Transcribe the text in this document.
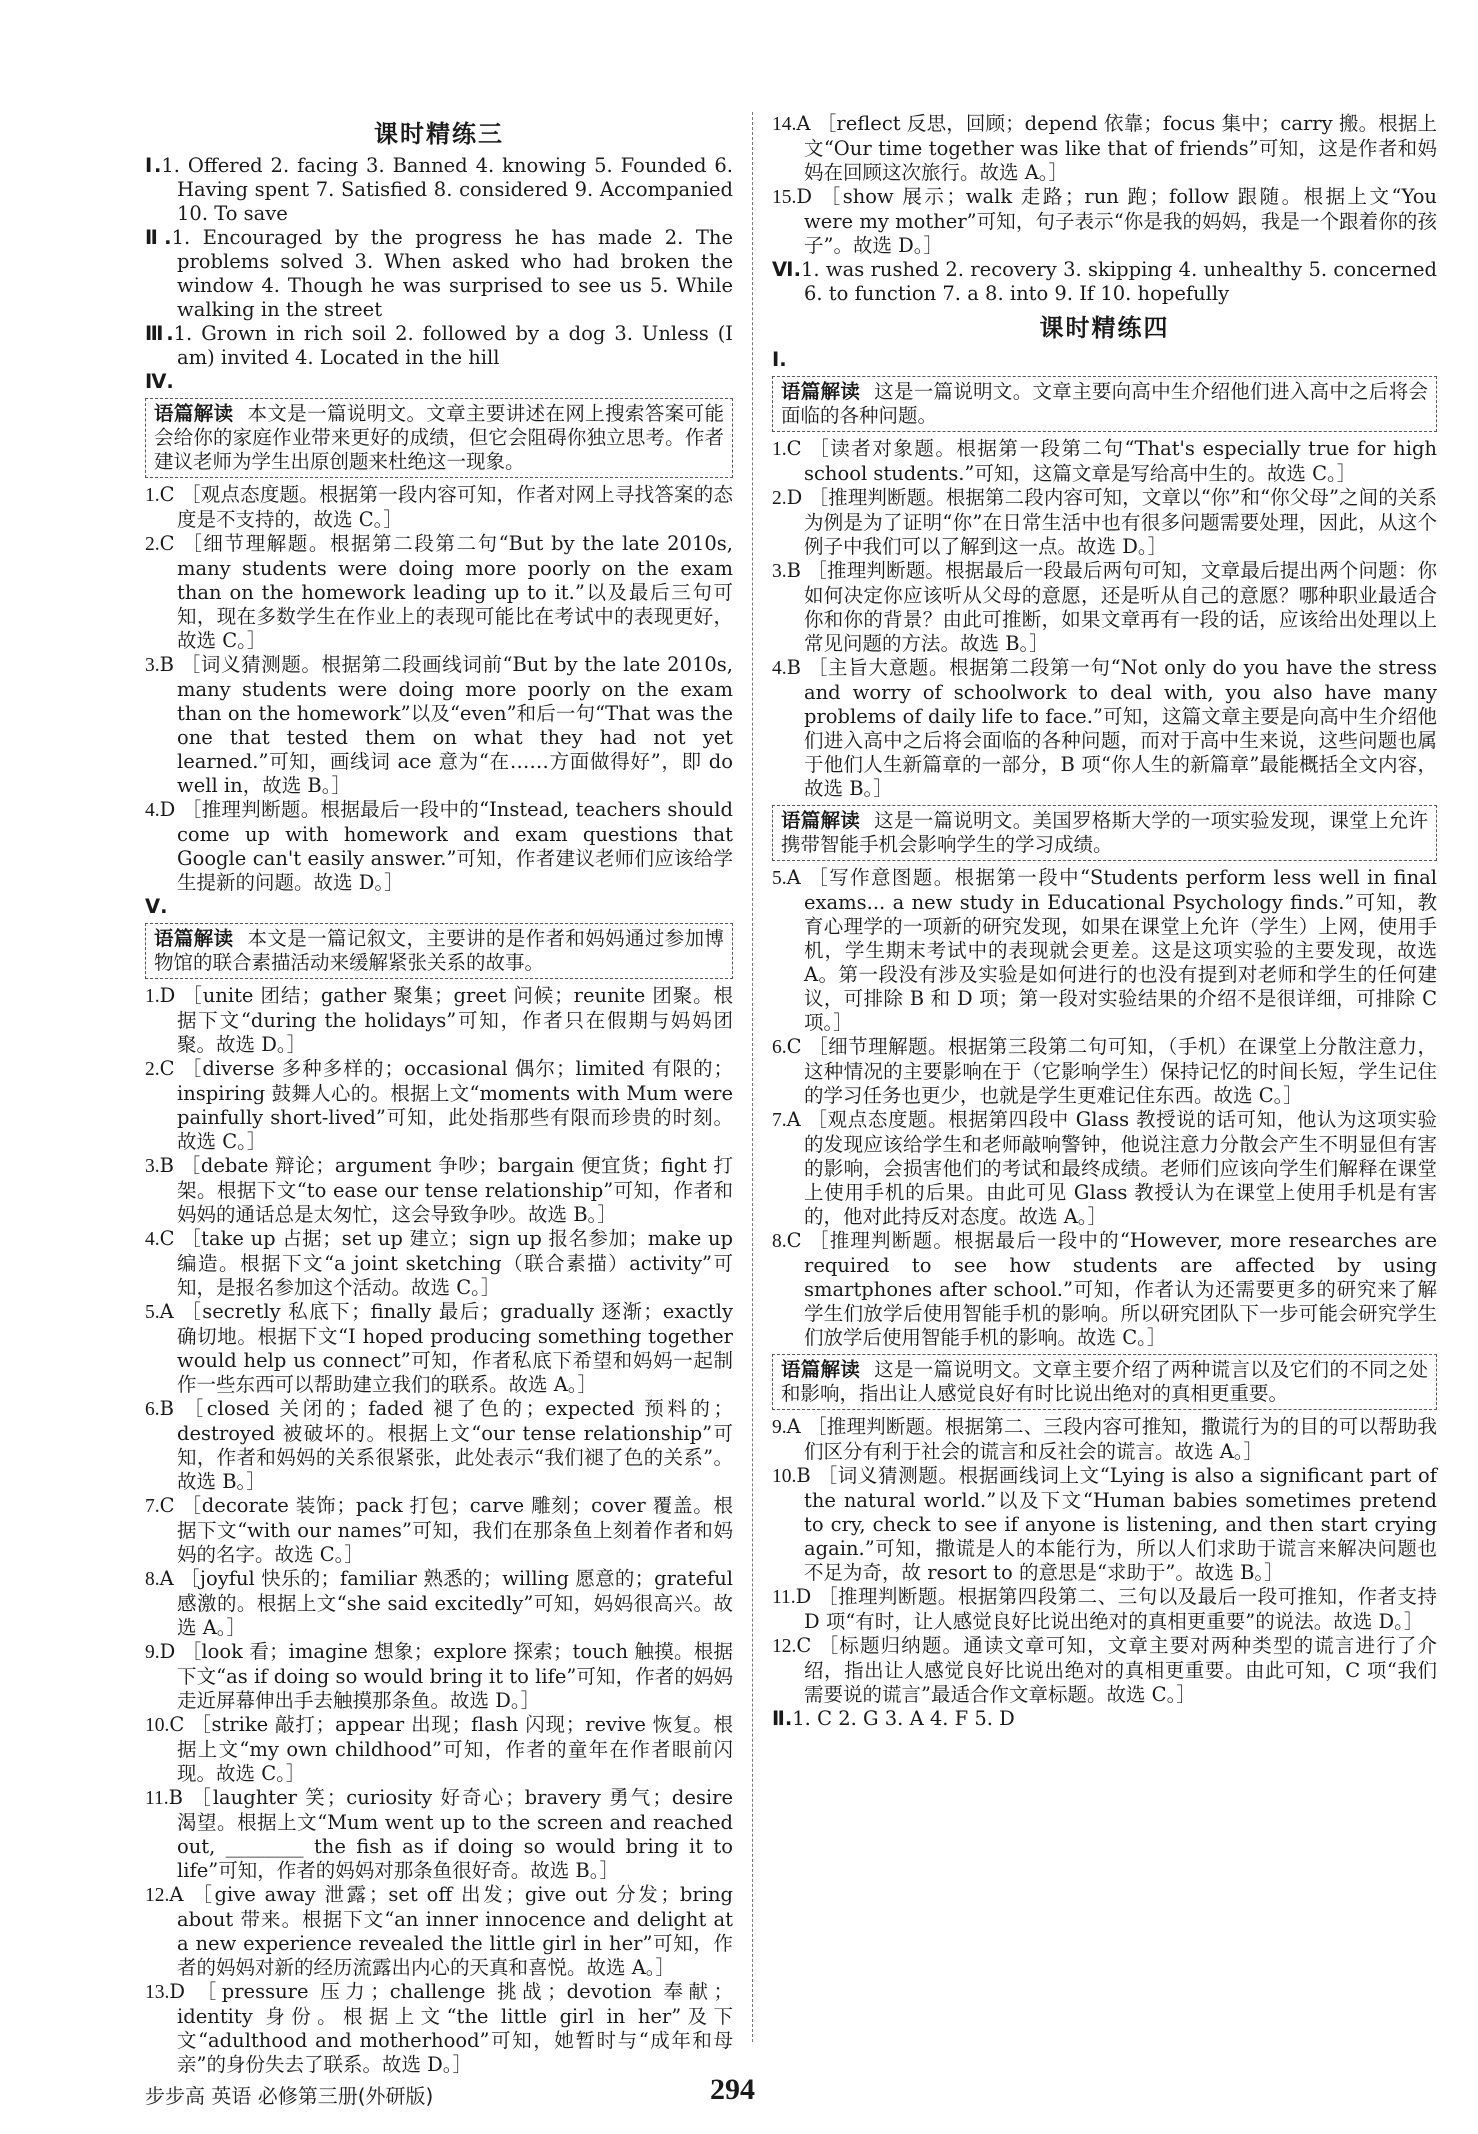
课时精练三
Ⅰ.1. Offered 2. facing 3. Banned 4. knowing 5. Founded 6. Having spent 7. Satisfied 8. considered 9. Accompanied 10. To save
Ⅱ.1. Encouraged by the progress he has made 2. The problems solved 3. When asked who had broken the window 4. Though he was surprised to see us 5. While walking in the street
Ⅲ.1. Grown in rich soil 2. followed by a dog 3. Unless (I am) invited 4. Located in the hill
Ⅳ.
语篇解读 本文是一篇说明文。文章主要讲述在网上搜索答案可能会给你的家庭作业带来更好的成绩，但它会阻碍你独立思考。作者建议老师为学生出原创题来杜绝这一现象。

1.C ［观点态度题。根据第一段内容可知，作者对网上寻找答案的态度是不支持的，故选 C。］

2.C ［细节理解题。根据第二段第二句“But by the late 2010s, many students were doing more poorly on the exam than on the homework leading up to it.”以及最后三句可知，现在多数学生在作业上的表现可能比在考试中的表现更好，故选 C。］

3.B ［词义猜测题。根据第二段画线词前“But by the late 2010s, many students were doing more poorly on the exam than on the homework”以及“even”和后一句“That was the one that tested them on what they had not yet learned.”可知，画线词 ace 意为“在……方面做得好”，即 do well in，故选 B。］

4.D ［推理判断题。根据最后一段中的“Instead, teachers should come up with homework and exam questions that Google can't easily answer.”可知，作者建议老师们应该给学生提新的问题。故选 D。］

Ⅴ.
语篇解读 本文是一篇记叙文，主要讲的是作者和妈妈通过参加博物馆的联合素描活动来缓解紧张关系的故事。

1.D ［unite 团结；gather 聚集；greet 问候；reunite 团聚。根据下文“during the holidays”可知，作者只在假期与妈妈团聚。故选 D。］

2.C ［diverse 多种多样的；occasional 偶尔；limited 有限的；inspiring 鼓舞人心的。根据上文“moments with Mum were painfully short-lived”可知，此处指那些有限而珍贵的时刻。故选 C。］

3.B ［debate 辩论；argument 争吵；bargain 便宜货；fight 打架。根据下文“to ease our tense relationship”可知，作者和妈妈的通话总是太匆忙，这会导致争吵。故选 B。］

4.C ［take up 占据；set up 建立；sign up 报名参加；make up 编造。根据下文“a joint sketching（联合素描）activity”可知，是报名参加这个活动。故选 C。］

5.A ［secretly 私底下；finally 最后；gradually 逐渐；exactly 确切地。根据下文“I hoped producing something together would help us connect”可知，作者私底下希望和妈妈一起制作一些东西可以帮助建立我们的联系。故选 A。］

6.B ［closed 关闭的；faded 褪了色的；expected 预料的；destroyed 被破坏的。根据上文“our tense relationship”可知，作者和妈妈的关系很紧张，此处表示“我们褪了色的关系”。故选 B。］

7.C ［decorate 装饰；pack 打包；carve 雕刻；cover 覆盖。根据下文“with our names”可知，我们在那条鱼上刻着作者和妈妈的名字。故选 C。］

8.A ［joyful 快乐的；familiar 熟悉的；willing 愿意的；grateful 感激的。根据上文“she said excitedly”可知，妈妈很高兴。故选 A。］

9.D ［look 看；imagine 想象；explore 探索；touch 触摸。根据下文“as if doing so would bring it to life”可知，作者的妈妈走近屏幕伸出手去触摸那条鱼。故选 D。］

10.C ［strike 敲打；appear 出现；flash 闪现；revive 恢复。根据上文“my own childhood”可知，作者的童年在作者眼前闪现。故选 C。］

11.B ［laughter 笑；curiosity 好奇心；bravery 勇气；desire 渴望。根据上文“Mum went up to the screen and reached out, ________ the fish as if doing so would bring it to life”可知，作者的妈妈对那条鱼很好奇。故选 B。］

12.A ［give away 泄露；set off 出发；give out 分发；bring about 带来。根据下文“an inner innocence and delight at a new experience revealed the little girl in her”可知，作者的妈妈对新的经历流露出内心的天真和喜悦。故选 A。］

13.D ［pressure 压力；challenge 挑战；devotion 奉献；identity 身份。根据上文“the little girl in her”及下文“adulthood and motherhood”可知，她暂时与“成年和母亲”的身份失去了联系。故选 D。］

14.A ［reflect 反思，回顾；depend 依靠；focus 集中；carry 搬。根据上文“Our time together was like that of friends”可知，这是作者和妈妈在回顾这次旅行。故选 A。］

15.D ［show 展示；walk 走路；run 跑；follow 跟随。根据上文“You were my mother”可知，句子表示“你是我的妈妈，我是一个跟着你的孩子”。故选 D。］

Ⅵ.1. was rushed 2. recovery 3. skipping 4. unhealthy 5. concerned 6. to function 7. a 8. into 9. If 10. hopefully
课时精练四
Ⅰ.
语篇解读 这是一篇说明文。文章主要向高中生介绍他们进入高中之后将会面临的各种问题。

1.C ［读者对象题。根据第一段第二句“That's especially true for high school students.”可知，这篇文章是写给高中生的。故选 C。］

2.D ［推理判断题。根据第二段内容可知，文章以“你”和“你父母”之间的关系为例是为了证明“你”在日常生活中也有很多问题需要处理，因此，从这个例子中我们可以了解到这一点。故选 D。］

3.B ［推理判断题。根据最后一段最后两句可知，文章最后提出两个问题：你如何决定你应该听从父母的意愿，还是听从自己的意愿？哪种职业最适合你和你的背景？由此可推断，如果文章再有一段的话，应该给出处理以上常见问题的方法。故选 B。］

4.B ［主旨大意题。根据第二段第一句“Not only do you have the stress and worry of schoolwork to deal with, you also have many problems of daily life to face.”可知，这篇文章主要是向高中生介绍他们进入高中之后将会面临的各种问题，而对于高中生来说，这些问题也属于他们人生新篇章的一部分，B 项“你人生的新篇章”最能概括全文内容，故选 B。］

语篇解读 这是一篇说明文。美国罗格斯大学的一项实验发现，课堂上允许携带智能手机会影响学生的学习成绩。

5.A ［写作意图题。根据第一段中“Students perform less well in final exams... a new study in Educational Psychology finds.”可知，教育心理学的一项新的研究发现，如果在课堂上允许（学生）上网，使用手机，学生期末考试中的表现就会更差。这是这项实验的主要发现，故选 A。第一段没有涉及实验是如何进行的也没有提到对老师和学生的任何建议，可排除 B 和 D 项；第一段对实验结果的介绍不是很详细，可排除 C 项。］

6.C ［细节理解题。根据第三段第二句可知，（手机）在课堂上分散注意力，这种情况的主要影响在于（它影响学生）保持记忆的时间长短，学生记住的学习任务也更少，也就是学生更难记住东西。故选 C。］

7.A ［观点态度题。根据第四段中 Glass 教授说的话可知，他认为这项实验的发现应该给学生和老师敲响警钟，他说注意力分散会产生不明显但有害的影响，会损害他们的考试和最终成绩。老师们应该向学生们解释在课堂上使用手机的后果。由此可见 Glass 教授认为在课堂上使用手机是有害的，他对此持反对态度。故选 A。］

8.C ［推理判断题。根据最后一段中的“However, more researches are required to see how students are affected by using smartphones after school.”可知，作者认为还需要更多的研究来了解学生们放学后使用智能手机的影响。所以研究团队下一步可能会研究学生们放学后使用智能手机的影响。故选 C。］

语篇解读 这是一篇说明文。文章主要介绍了两种谎言以及它们的不同之处和影响，指出让人感觉良好有时比说出绝对的真相更重要。

9.A ［推理判断题。根据第二、三段内容可推知，撒谎行为的目的可以帮助我们区分有利于社会的谎言和反社会的谎言。故选 A。］

10.B ［词义猜测题。根据画线词上文“Lying is also a significant part of the natural world.”以及下文“Human babies sometimes pretend to cry, check to see if anyone is listening, and then start crying again.”可知，撒谎是人的本能行为，所以人们求助于谎言来解决问题也不足为奇，故 resort to 的意思是“求助于”。故选 B。］

11.D ［推理判断题。根据第四段第二、三句以及最后一段可推知，作者支持 D 项“有时，让人感觉良好比说出绝对的真相更重要”的说法。故选 D。］

12.C ［标题归纳题。通读文章可知，文章主要对两种类型的谎言进行了介绍，指出让人感觉良好比说出绝对的真相更重要。由此可知，C 项“我们需要说的谎言”最适合作文章标题。故选 C。］

Ⅱ.1. C 2. G 3. A 4. F 5. D
步步高 英语 必修第三册(外研版)	294
